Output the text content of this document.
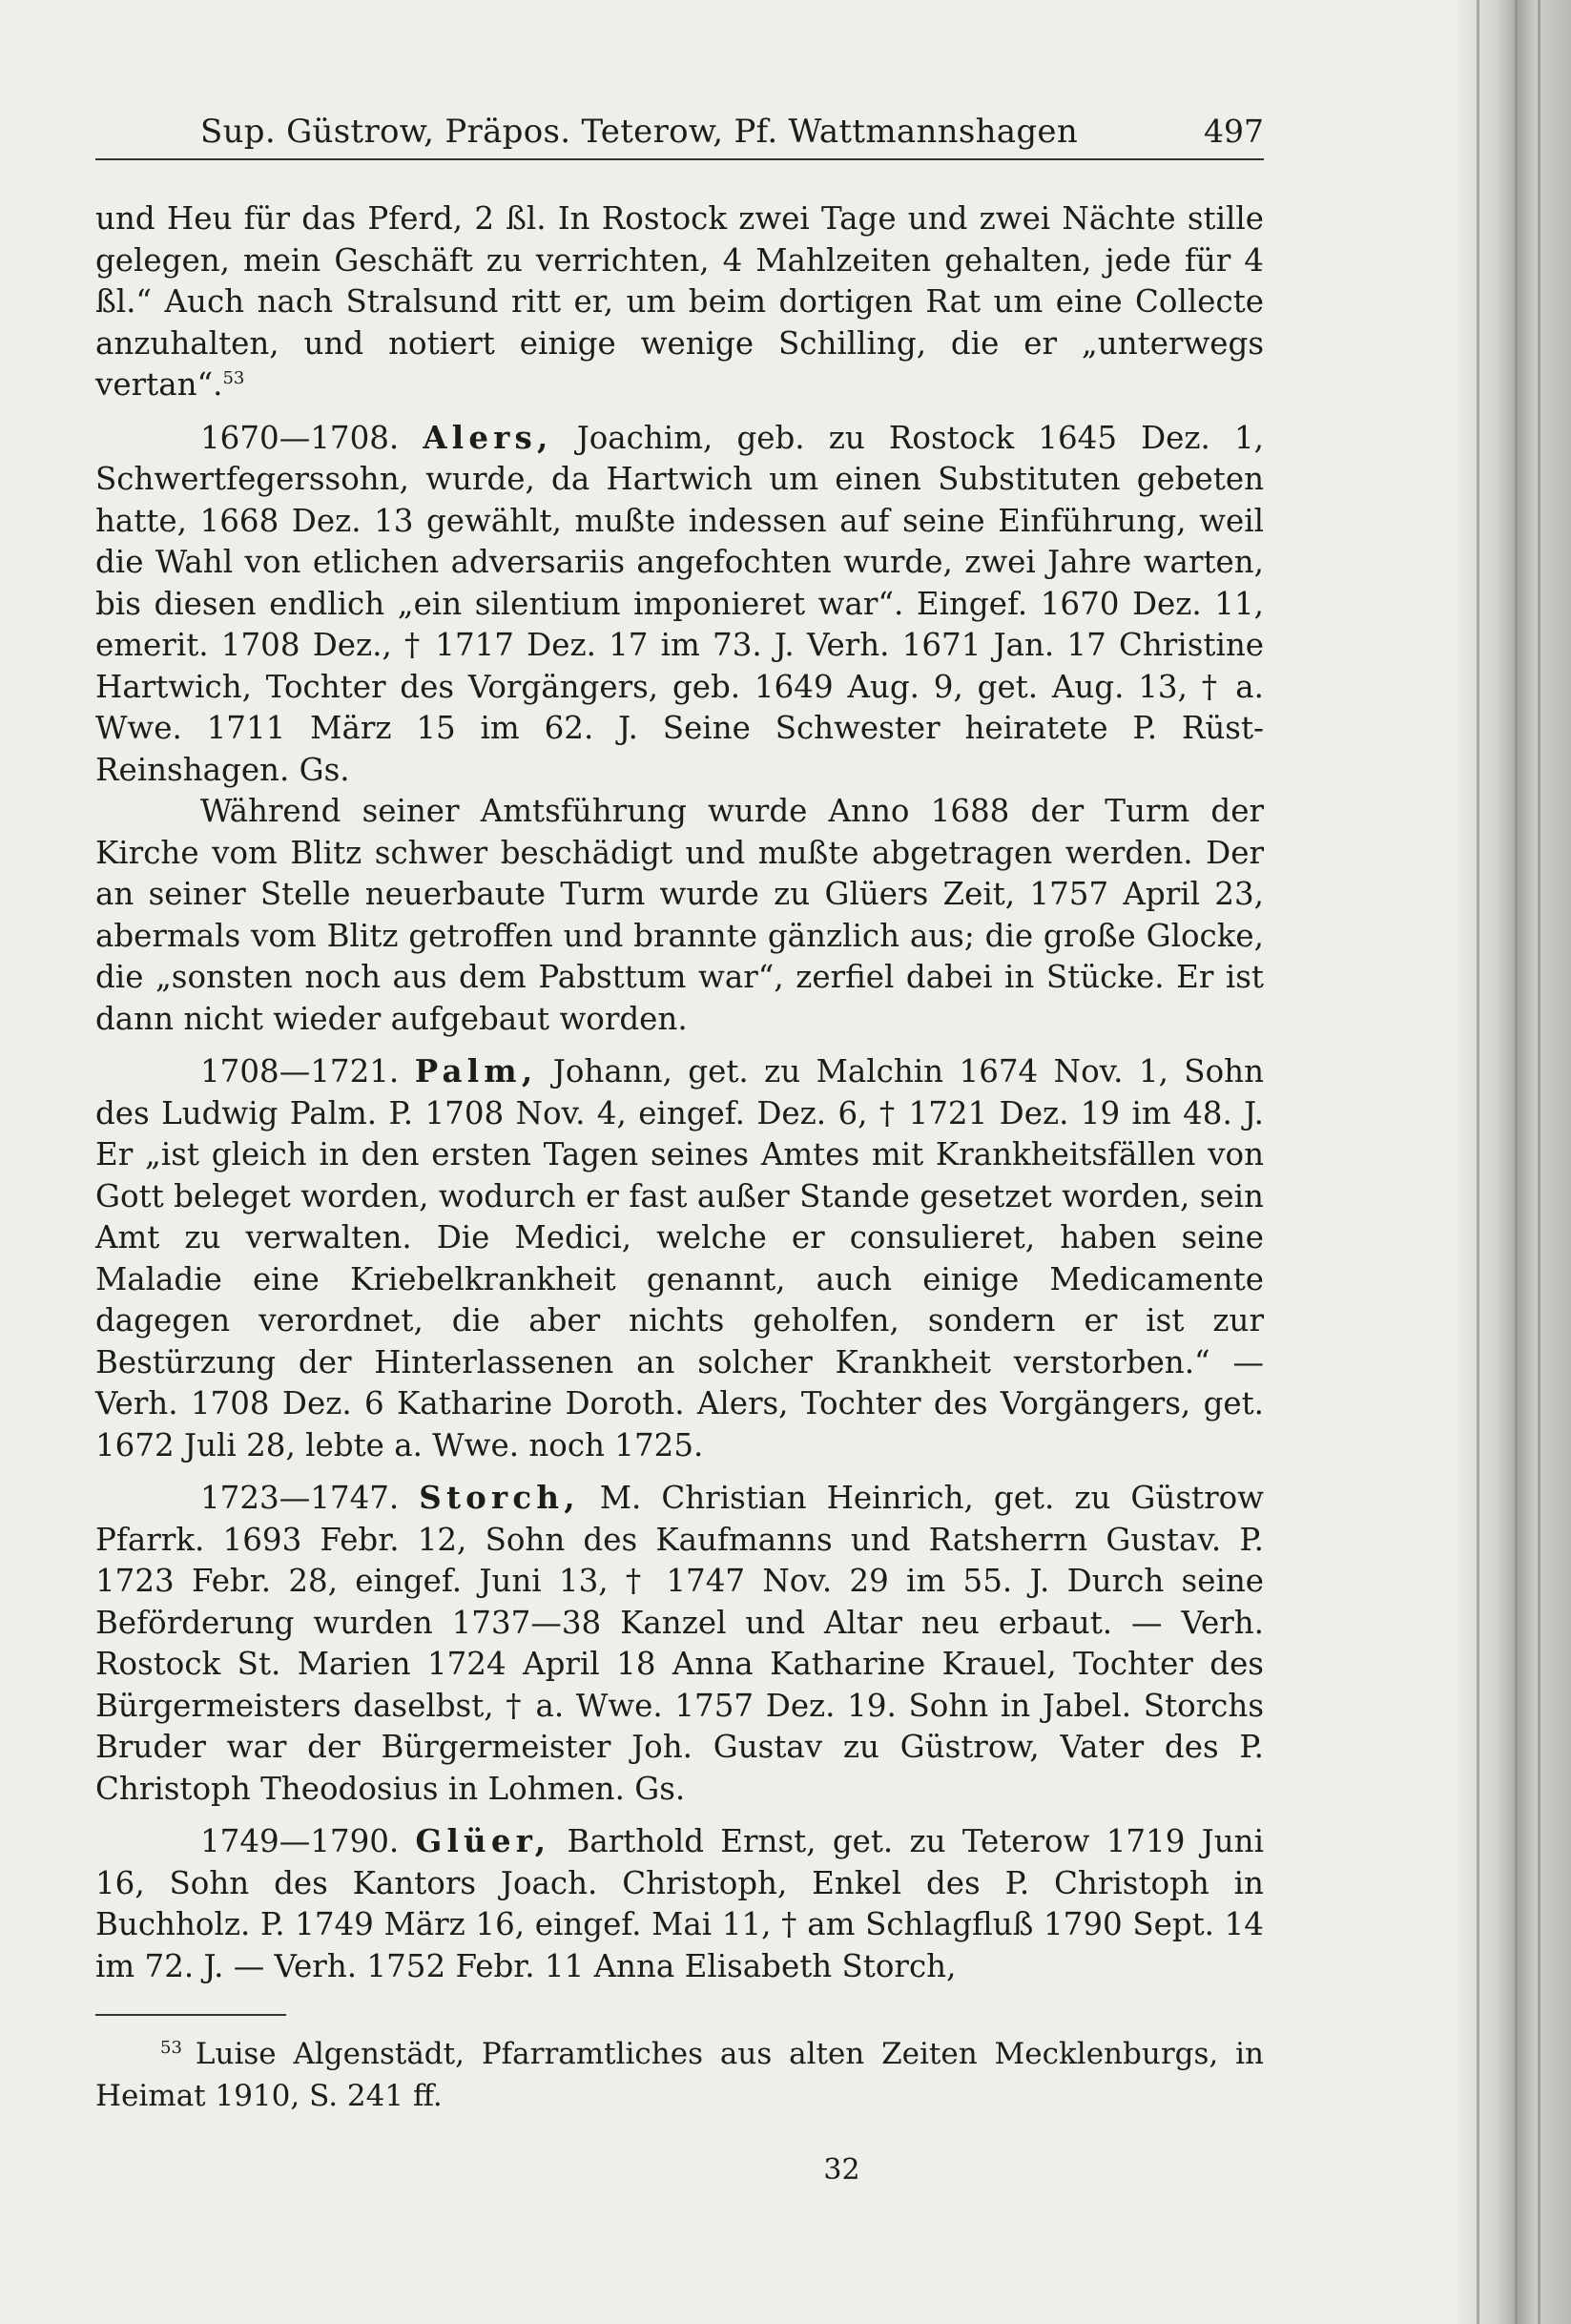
Sup. Güstrow, Präpos. Teterow, Pf. Wattmannshagen	497

und Heu für das Pferd, 2 ßl. In Rostock zwei Tage und zwei Nächte stille gelegen, mein Geschäft zu verrichten, 4 Mahlzeiten gehalten, jede für 4 ßl.“ Auch nach Stralsund ritt er, um beim dortigen Rat um eine Collecte anzuhalten, und notiert einige wenige Schilling, die er „unterwegs vertan“.$^{53}$

1670—1708. Alers, Joachim, geb. zu Rostock 1645 Dez. 1, Schwertfegerssohn, wurde, da Hartwich um einen Substituten gebeten hatte, 1668 Dez. 13 gewählt, mußte indessen auf seine Einführung, weil die Wahl von etlichen adversariis angefochten wurde, zwei Jahre warten, bis diesen endlich „ein silentium imponieret war“. Eingef. 1670 Dez. 11, emerit. 1708 Dez., † 1717 Dez. 17 im 73. J. Verh. 1671 Jan. 17 Christine Hartwich, Tochter des Vorgängers, geb. 1649 Aug. 9, get. Aug. 13, † a. Wwe. 1711 März 15 im 62. J. Seine Schwester heiratete P. Rüst-Reinshagen. Gs.

Während seiner Amtsführung wurde Anno 1688 der Turm der Kirche vom Blitz schwer beschädigt und mußte abgetragen werden. Der an seiner Stelle neuerbaute Turm wurde zu Glüers Zeit, 1757 April 23, abermals vom Blitz getroffen und brannte gänzlich aus; die große Glocke, die „sonsten noch aus dem Pabsttum war“, zerfiel dabei in Stücke. Er ist dann nicht wieder aufgebaut worden.

1708—1721. Palm, Johann, get. zu Malchin 1674 Nov. 1, Sohn des Ludwig Palm. P. 1708 Nov. 4, eingef. Dez. 6, † 1721 Dez. 19 im 48. J. Er „ist gleich in den ersten Tagen seines Amtes mit Krankheitsfällen von Gott beleget worden, wodurch er fast außer Stande gesetzet worden, sein Amt zu verwalten. Die Medici, welche er consulieret, haben seine Maladie eine Kriebelkrankheit genannt, auch einige Medicamente dagegen verordnet, die aber nichts geholfen, sondern er ist zur Bestürzung der Hinterlassenen an solcher Krankheit verstorben.“ — Verh. 1708 Dez. 6 Katharine Doroth. Alers, Tochter des Vorgängers, get. 1672 Juli 28, lebte a. Wwe. noch 1725.

1723—1747. Storch, M. Christian Heinrich, get. zu Güstrow Pfarrk. 1693 Febr. 12, Sohn des Kaufmanns und Ratsherrn Gustav. P. 1723 Febr. 28, eingef. Juni 13, † 1747 Nov. 29 im 55. J. Durch seine Beförderung wurden 1737—38 Kanzel und Altar neu erbaut. — Verh. Rostock St. Marien 1724 April 18 Anna Katharine Krauel, Tochter des Bürgermeisters daselbst, † a. Wwe. 1757 Dez. 19. Sohn in Jabel. Storchs Bruder war der Bürgermeister Joh. Gustav zu Güstrow, Vater des P. Christoph Theodosius in Lohmen. Gs.

1749—1790. Glüer, Barthold Ernst, get. zu Teterow 1719 Juni 16, Sohn des Kantors Joach. Christoph, Enkel des P. Christoph in Buchholz. P. 1749 März 16, eingef. Mai 11, † am Schlagfluß 1790 Sept. 14 im 72. J. — Verh. 1752 Febr. 11 Anna Elisabeth Storch,

$^{53}$ Luise Algenstädt, Pfarramtliches aus alten Zeiten Mecklenburgs, in Heimat 1910, S. 241 ff.

32
